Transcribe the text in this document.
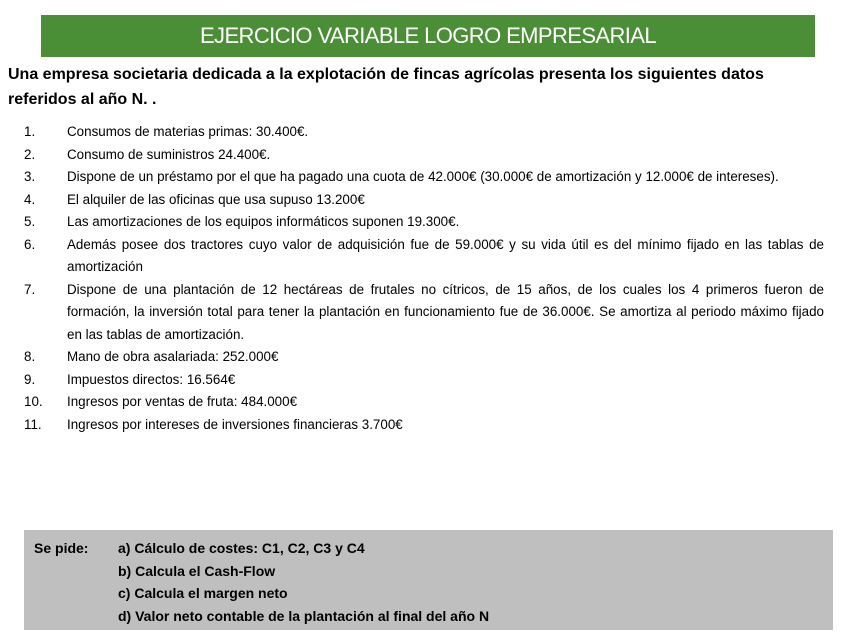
EJERCICIO VARIABLE LOGRO EMPRESARIAL
Una empresa societaria dedicada a la explotación de fincas agrícolas presenta los siguientes datos referidos al año N. .
1.	Consumos de materias primas: 30.400€.
2.	Consumo de suministros 24.400€.
3.	Dispone de un préstamo por el que ha pagado una cuota de 42.000€ (30.000€ de amortización y 12.000€ de intereses).
4.	El alquiler de las oficinas que usa supuso 13.200€
5.	Las amortizaciones de los equipos informáticos suponen 19.300€.
6.	Además posee dos tractores cuyo valor de adquisición fue de 59.000€ y su vida útil es del mínimo fijado en las tablas de amortización
7.	Dispone de una plantación de 12 hectáreas de frutales no cítricos, de 15 años, de los cuales los 4 primeros fueron de formación, la inversión total para tener la plantación en funcionamiento fue de 36.000€. Se amortiza al periodo máximo fijado en las tablas de amortización.
8.	Mano de obra asalariada: 252.000€
9.	Impuestos directos: 16.564€
10.	Ingresos por ventas de fruta: 484.000€
11.	Ingresos por intereses de inversiones financieras 3.700€
Se pide: a) Cálculo de costes: C1, C2, C3 y C4
b) Calcula el Cash-Flow
c) Calcula el margen neto
d) Valor neto contable de la plantación al final del año N
